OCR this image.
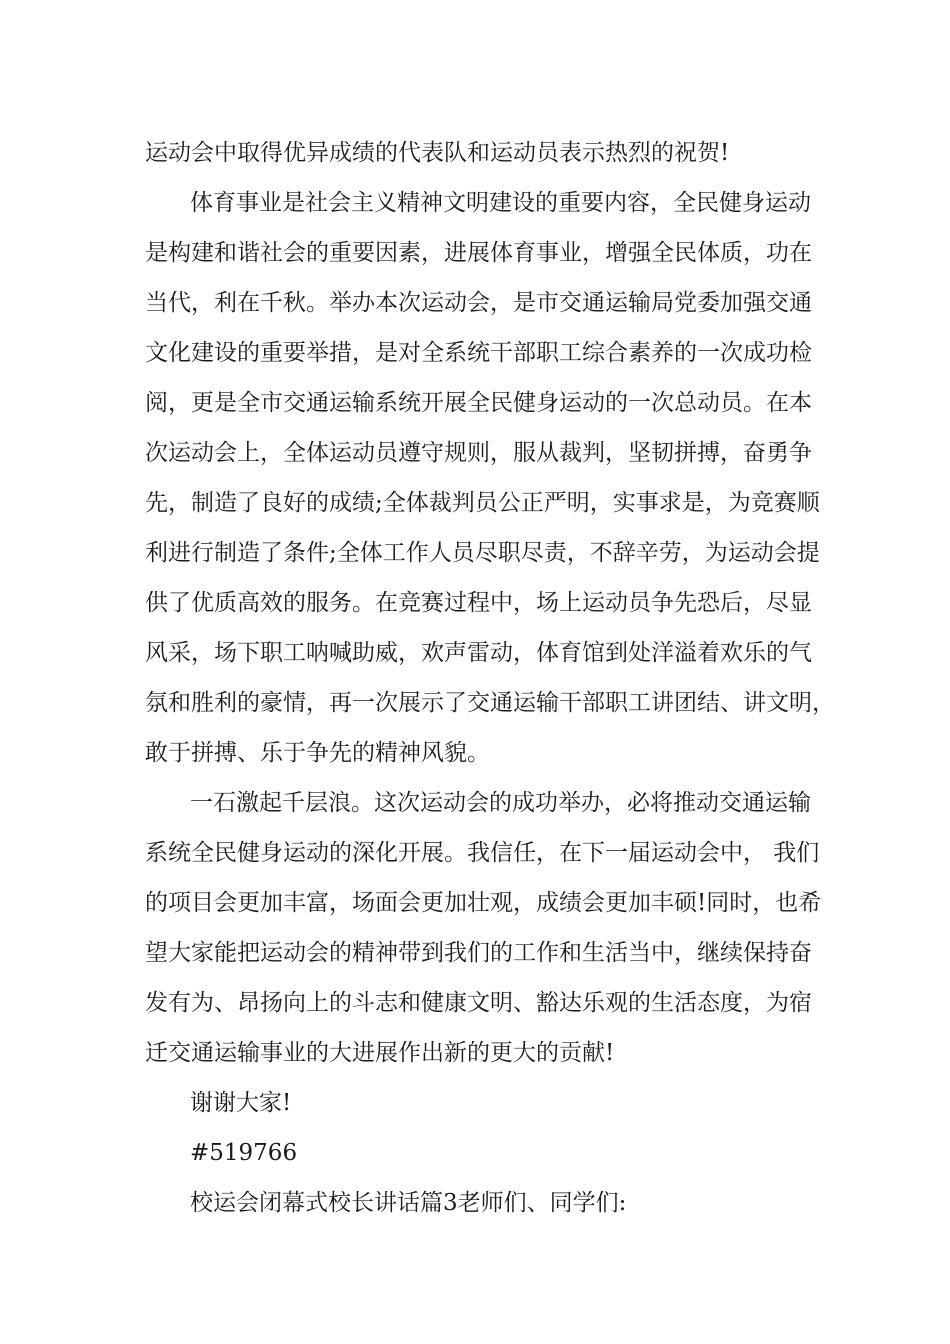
运动会中取得优异成绩的代表队和运动员表示热烈的祝贺!

体育事业是社会主义精神文明建设的重要内容，全民健身运动

是构建和谐社会的重要因素，进展体育事业，增强全民体质，功在

当代，利在千秋。举办本次运动会，是市交通运输局党委加强交通

文化建设的重要举措，是对全系统干部职工综合素养的一次成功检

阅，更是全市交通运输系统开展全民健身运动的一次总动员。在本

次运动会上，全体运动员遵守规则，服从裁判，坚韧拼搏，奋勇争

先，制造了良好的成绩;全体裁判员公正严明，实事求是，为竞赛顺

利进行制造了条件;全体工作人员尽职尽责，不辞辛劳，为运动会提

供了优质高效的服务。在竞赛过程中，场上运动员争先恐后，尽显

风采，场下职工呐喊助威，欢声雷动，体育馆到处洋溢着欢乐的气

氛和胜利的豪情，再一次展示了交通运输干部职工讲团结、讲文明，

敢于拼搏、乐于争先的精神风貌。

一石激起千层浪。这次运动会的成功举办，必将推动交通运输

系统全民健身运动的深化开展。我信任，在下一届运动会中， 我们

的项目会更加丰富，场面会更加壮观，成绩会更加丰硕!同时，也希

望大家能把运动会的精神带到我们的工作和生活当中，继续保持奋

发有为、昂扬向上的斗志和健康文明、豁达乐观的生活态度，为宿

迁交通运输事业的大进展作出新的更大的贡献!

谢谢大家!

#519766

校运会闭幕式校长讲话篇3老师们、同学们:
